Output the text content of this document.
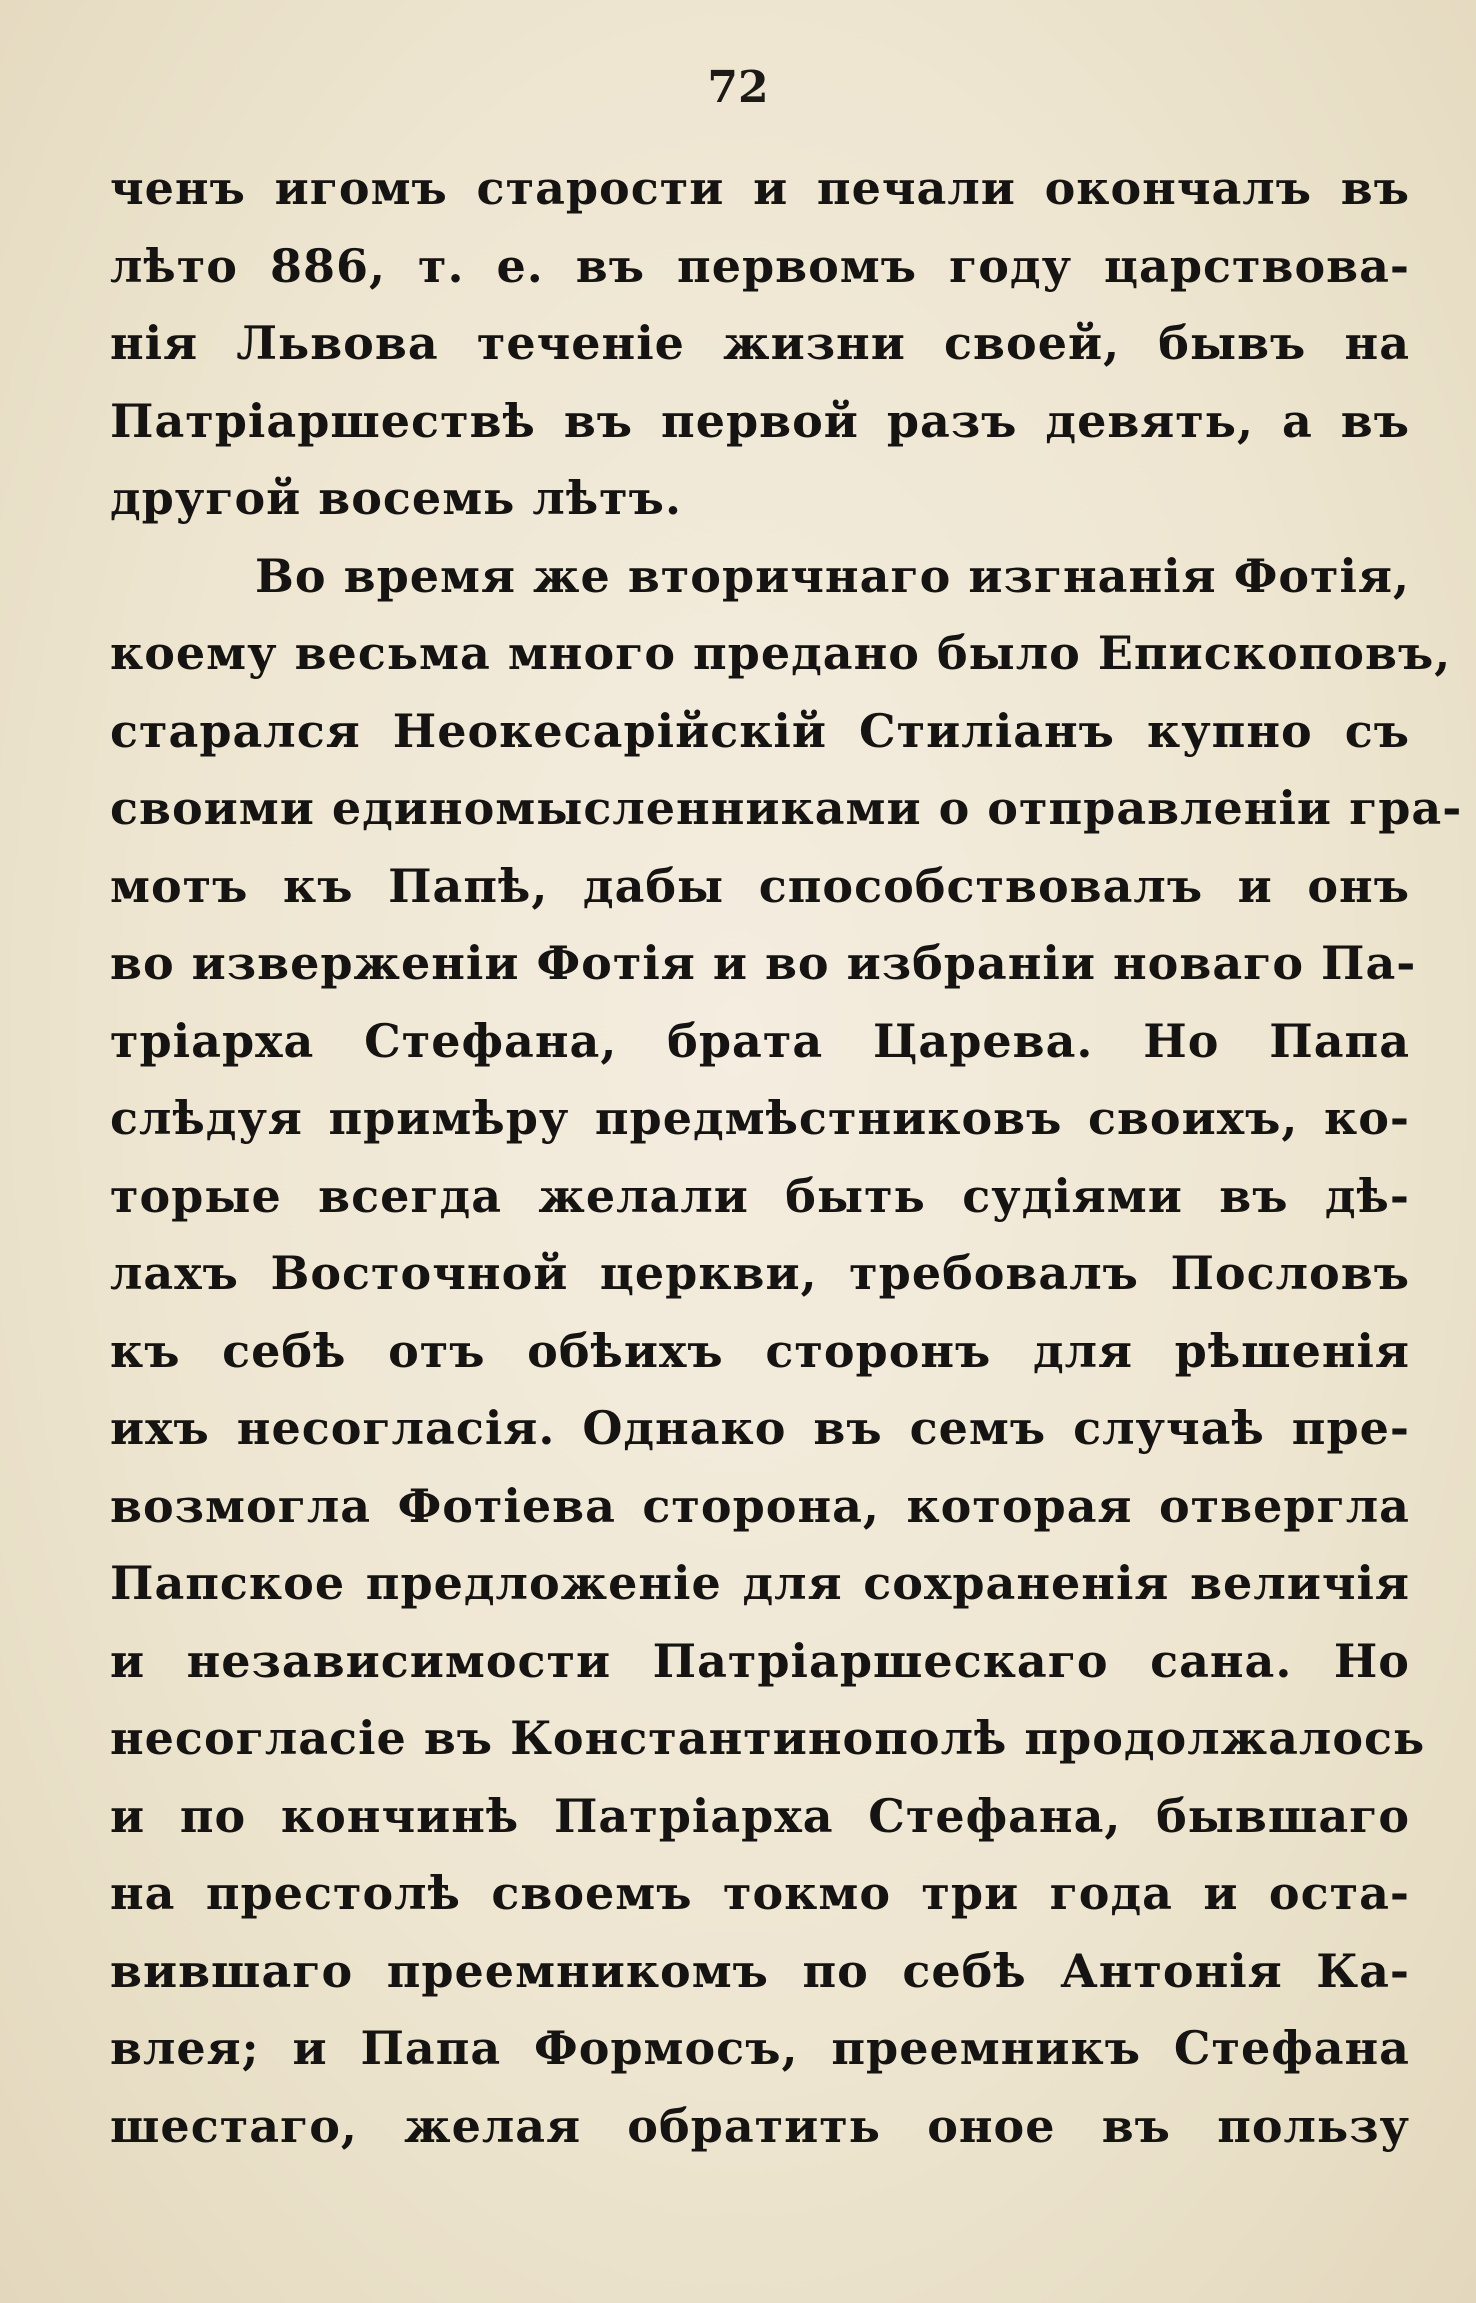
72
ченъ игомъ старости и печали окончалъ въ
лѣто 886, т. е. въ первомъ году царствова-
нія Львова теченіе жизни своей, бывъ на
Патріаршествѣ въ первой разъ девять, а въ
другой восемь лѣтъ.
Во время же вторичнаго изгнанія Фотія,
коему весьма много предано было Епископовъ,
старался Неокесарійскій Стиліанъ купно съ
своими единомысленниками о отправленіи гра-
мотъ къ Папѣ, дабы способствовалъ и онъ
во изверженіи Фотія и во избраніи новаго Па-
тріарха Стефана, брата Царева. Но Папа
слѣдуя примѣру предмѣстниковъ своихъ, ко-
торые всегда желали быть судіями въ дѣ-
лахъ Восточной церкви, требовалъ Пословъ
къ себѣ отъ обѣихъ сторонъ для рѣшенія
ихъ несогласія. Однако въ семъ случаѣ пре-
возмогла Фотіева сторона, которая отвергла
Папское предложеніе для сохраненія величія
и независимости Патріаршескаго сана. Но
несогласіе въ Константинополѣ продолжалось
и по кончинѣ Патріарха Стефана, бывшаго
на престолѣ своемъ токмо три года и оста-
вившаго преемникомъ по себѣ Антонія Ка-
влея; и Папа Формосъ, преемникъ Стефана
шестаго, желая обратить оное въ пользу
